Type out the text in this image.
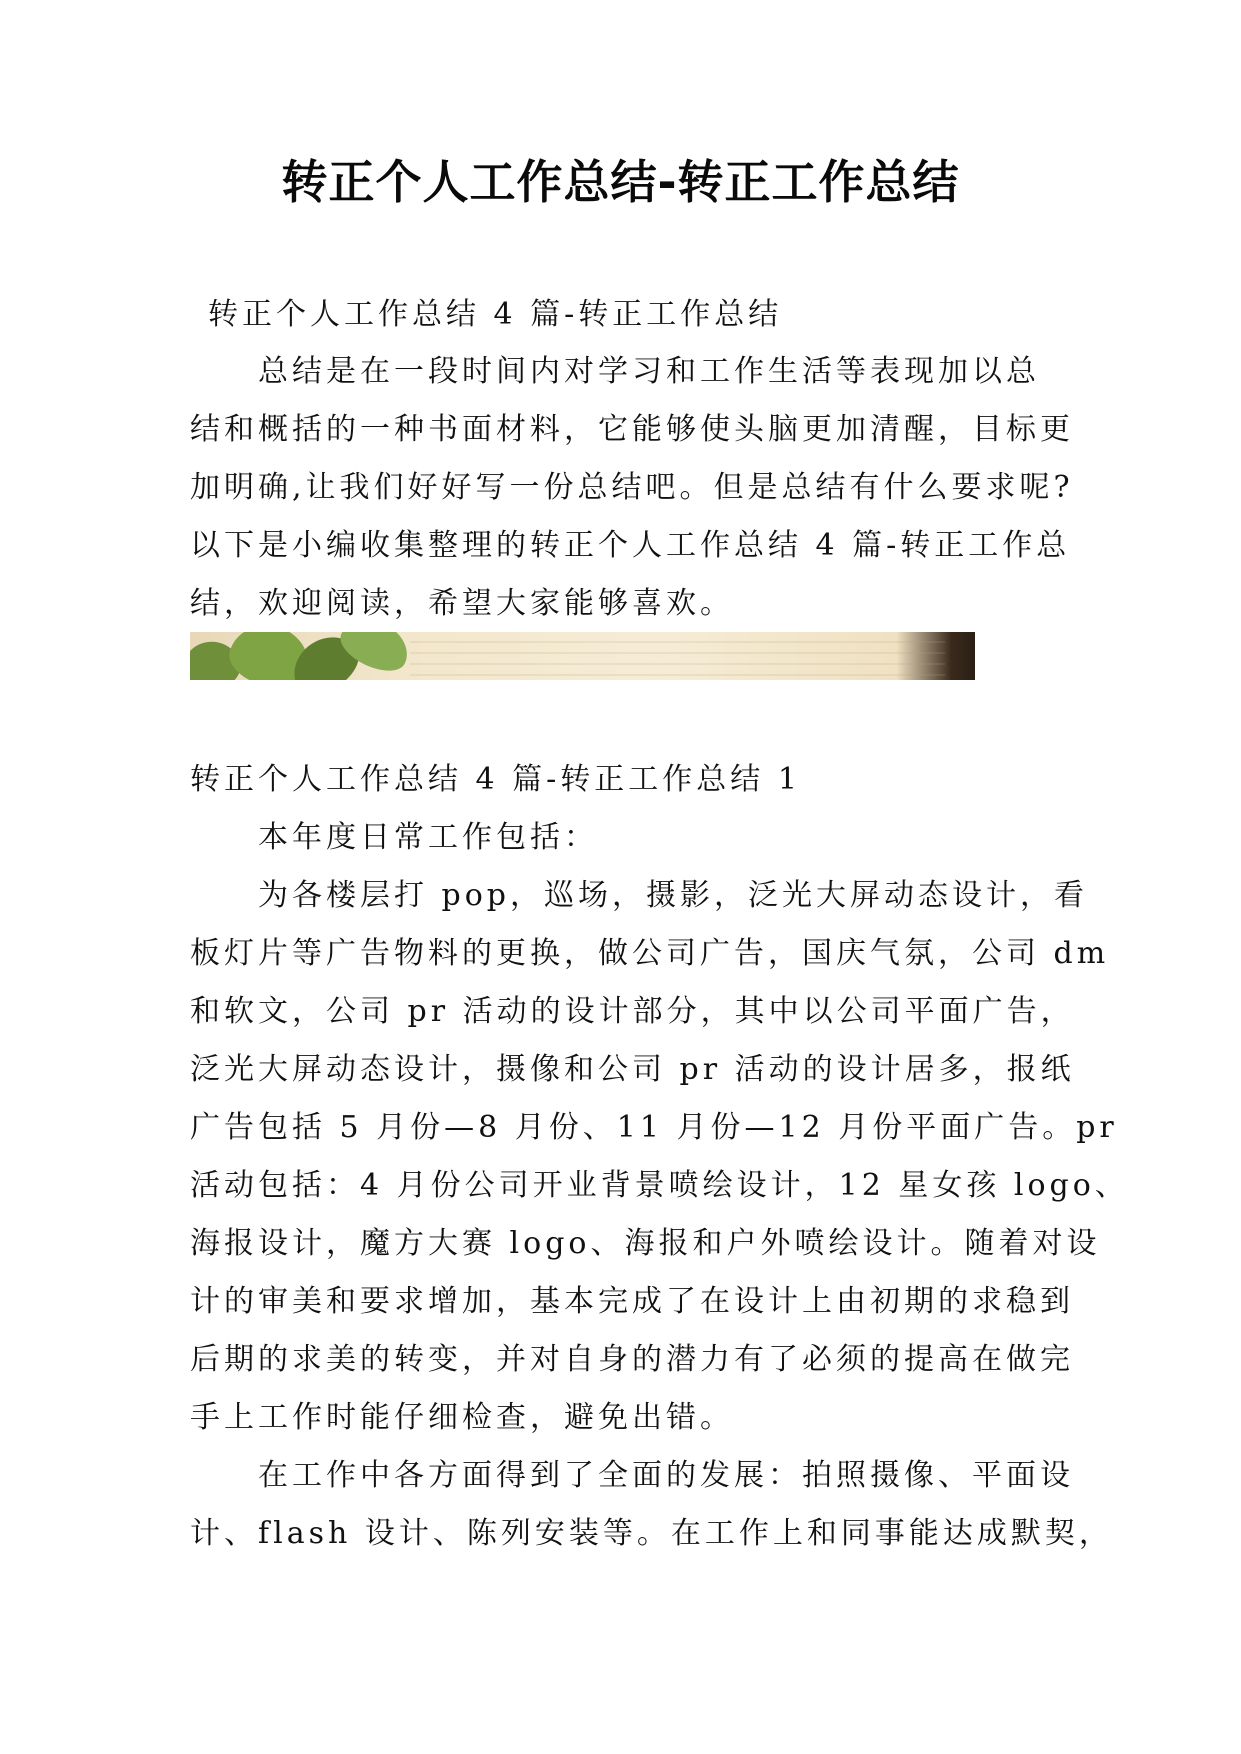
转正个人工作总结-转正工作总结
转正个人工作总结 4 篇-转正工作总结
总结是在一段时间内对学习和工作生活等表现加以总
结和概括的一种书面材料，它能够使头脑更加清醒，目标更
加明确,让我们好好写一份总结吧。但是总结有什么要求呢?
以下是小编收集整理的转正个人工作总结 4 篇-转正工作总
结，欢迎阅读，希望大家能够喜欢。
转正个人工作总结 4 篇-转正工作总结 1
本年度日常工作包括：
为各楼层打 pop，巡场，摄影，泛光大屏动态设计，看
板灯片等广告物料的更换，做公司广告，国庆气氛，公司 dm
和软文，公司 pr 活动的设计部分，其中以公司平面广告，
泛光大屏动态设计，摄像和公司 pr 活动的设计居多，报纸
广告包括 5 月份—8 月份、11 月份—12 月份平面广告。pr
活动包括：4 月份公司开业背景喷绘设计，12 星女孩 logo、
海报设计，魔方大赛 logo、海报和户外喷绘设计。随着对设
计的审美和要求增加，基本完成了在设计上由初期的求稳到
后期的求美的转变，并对自身的潜力有了必须的提高在做完
手上工作时能仔细检查，避免出错。
在工作中各方面得到了全面的发展：拍照摄像、平面设
计、flash 设计、陈列安装等。在工作上和同事能达成默契，
